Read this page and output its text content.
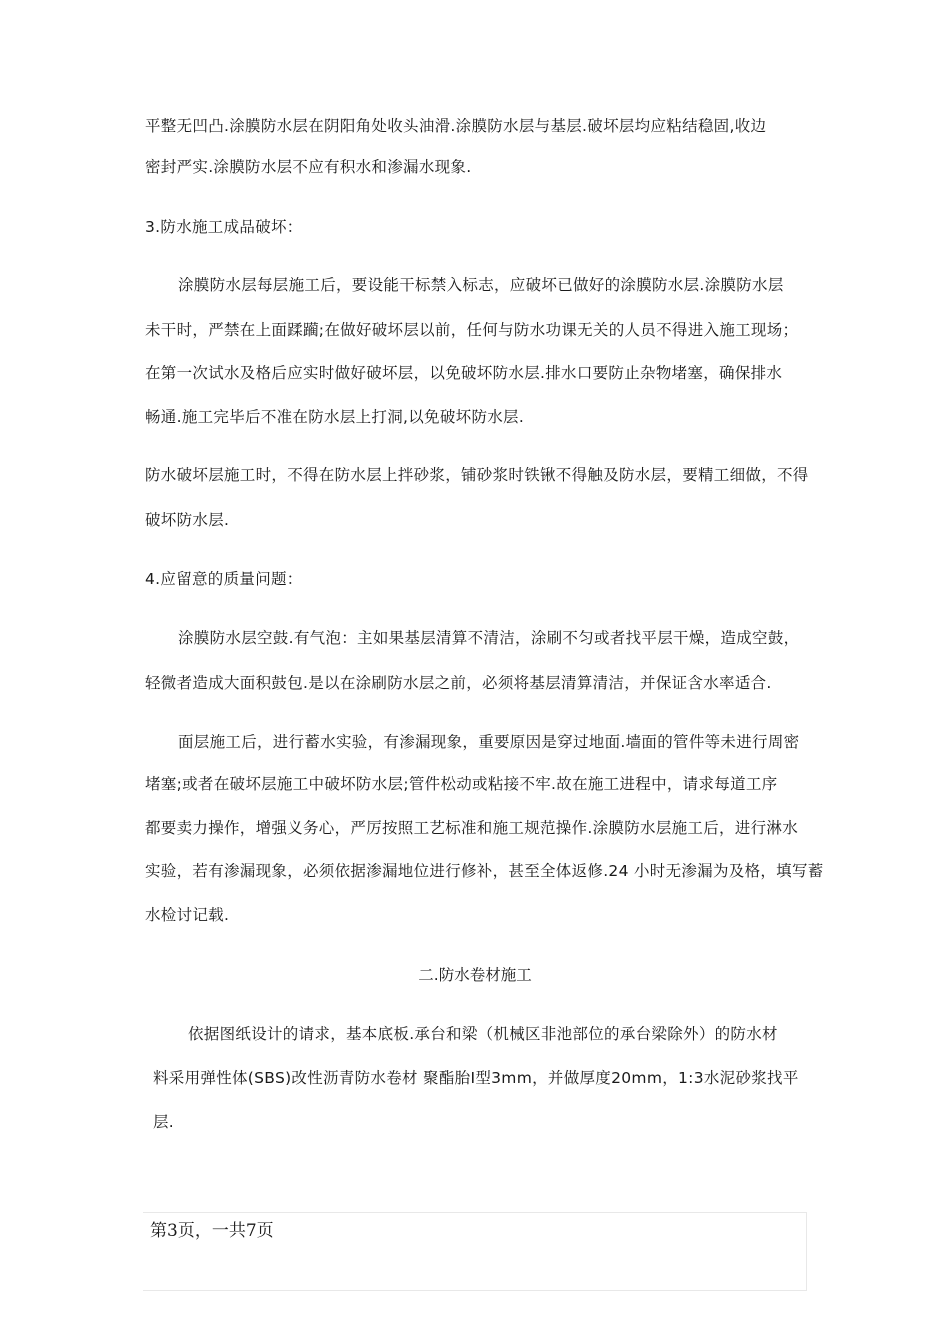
平整无凹凸.涂膜防水层在阴阳角处收头油滑.涂膜防水层与基层.破坏层均应粘结稳固,收边
密封严实.涂膜防水层不应有积水和渗漏水现象.
3.防水施工成品破坏：
涂膜防水层每层施工后，要设能干标禁入标志，应破坏已做好的涂膜防水层.涂膜防水层
未干时，严禁在上面蹂躏;在做好破坏层以前，任何与防水功课无关的人员不得进入施工现场；
在第一次试水及格后应实时做好破坏层，以免破坏防水层.排水口要防止杂物堵塞，确保排水
畅通.施工完毕后不准在防水层上打洞,以免破坏防水层.
防水破坏层施工时，不得在防水层上拌砂浆，铺砂浆时铁锹不得触及防水层，要精工细做，不得
破坏防水层.
4.应留意的质量问题：
涂膜防水层空鼓.有气泡：主如果基层清算不清洁，涂刷不匀或者找平层干燥，造成空鼓，
轻微者造成大面积鼓包.是以在涂刷防水层之前，必须将基层清算清洁，并保证含水率适合.
面层施工后，进行蓄水实验，有渗漏现象，重要原因是穿过地面.墙面的管件等未进行周密
堵塞;或者在破坏层施工中破坏防水层;管件松动或粘接不牢.故在施工进程中，请求每道工序
都要卖力操作，增强义务心，严厉按照工艺标准和施工规范操作.涂膜防水层施工后，进行淋水
实验，若有渗漏现象，必须依据渗漏地位进行修补，甚至全体返修.24 小时无渗漏为及格，填写蓄
水检讨记载.
二.防水卷材施工
依据图纸设计的请求，基本底板.承台和梁（机械区非池部位的承台梁除外）的防水材
料采用弹性体(SBS)改性沥青防水卷材 聚酯胎Ⅰ型3mm，并做厚度20mm，1:3水泥砂浆找平
层.
第3页，一共7页
